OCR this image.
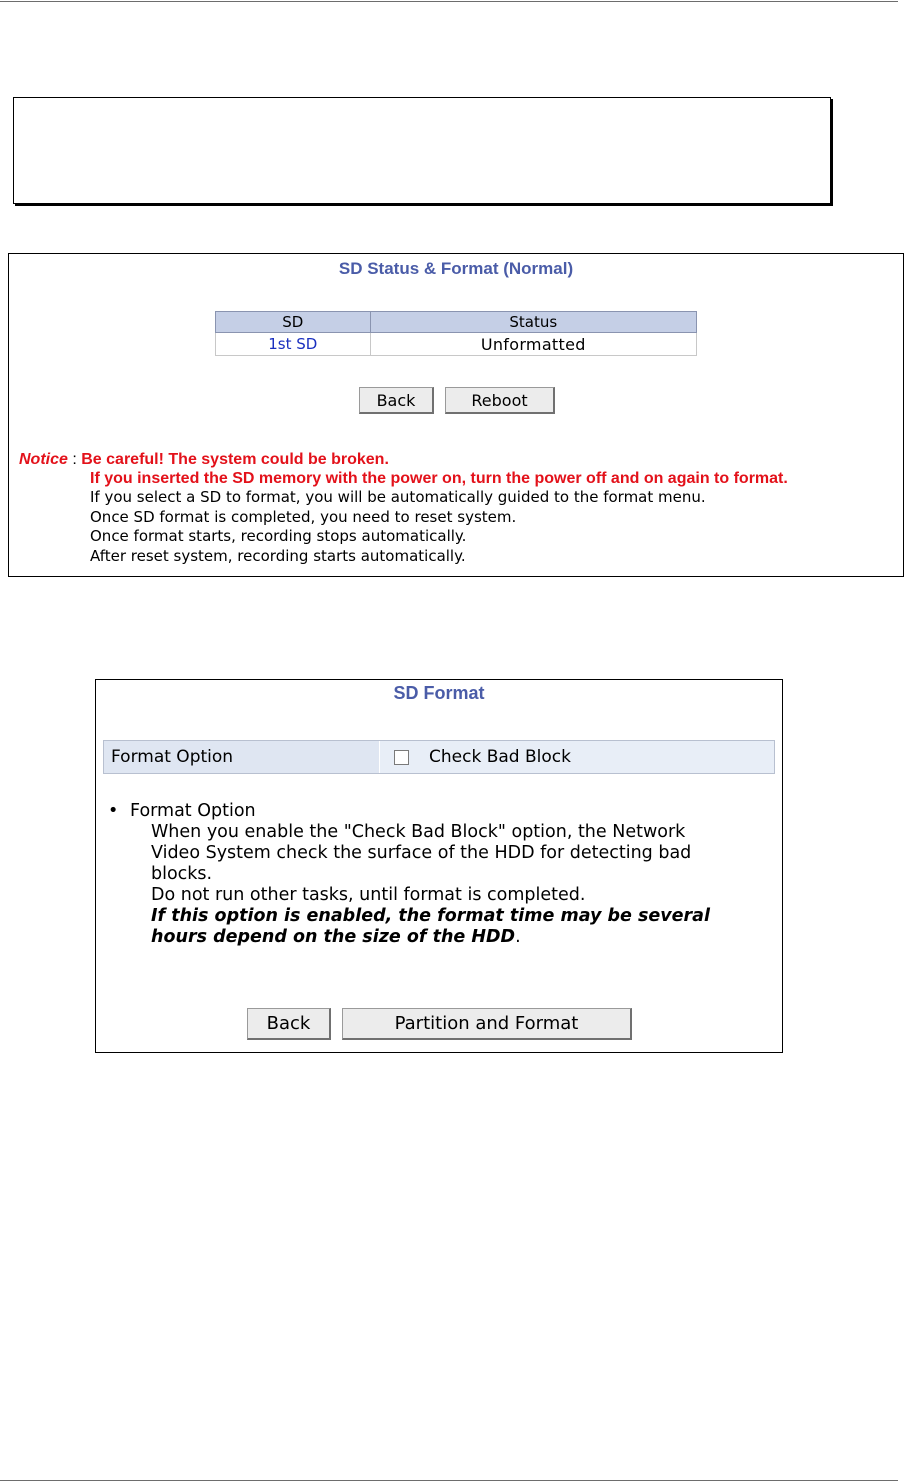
SD Status & Format (Normal)
SD	Status
1st SD	Unformatted
Back	Reboot
Notice : Be careful! The system could be broken.
If you inserted the SD memory with the power on, turn the power off and on again to format.
If you select a SD to format, you will be automatically guided to the format menu.
Once SD format is completed, you need to reset system.
Once format starts, recording stops automatically.
After reset system, recording starts automatically.
SD Format
Format Option	Check Bad Block
• Format Option
When you enable the "Check Bad Block" option, the Network
Video System check the surface of the HDD for detecting bad
blocks.
Do not run other tasks, until format is completed.
If this option is enabled, the format time may be several
hours depend on the size of the HDD.
Back	Partition and Format
